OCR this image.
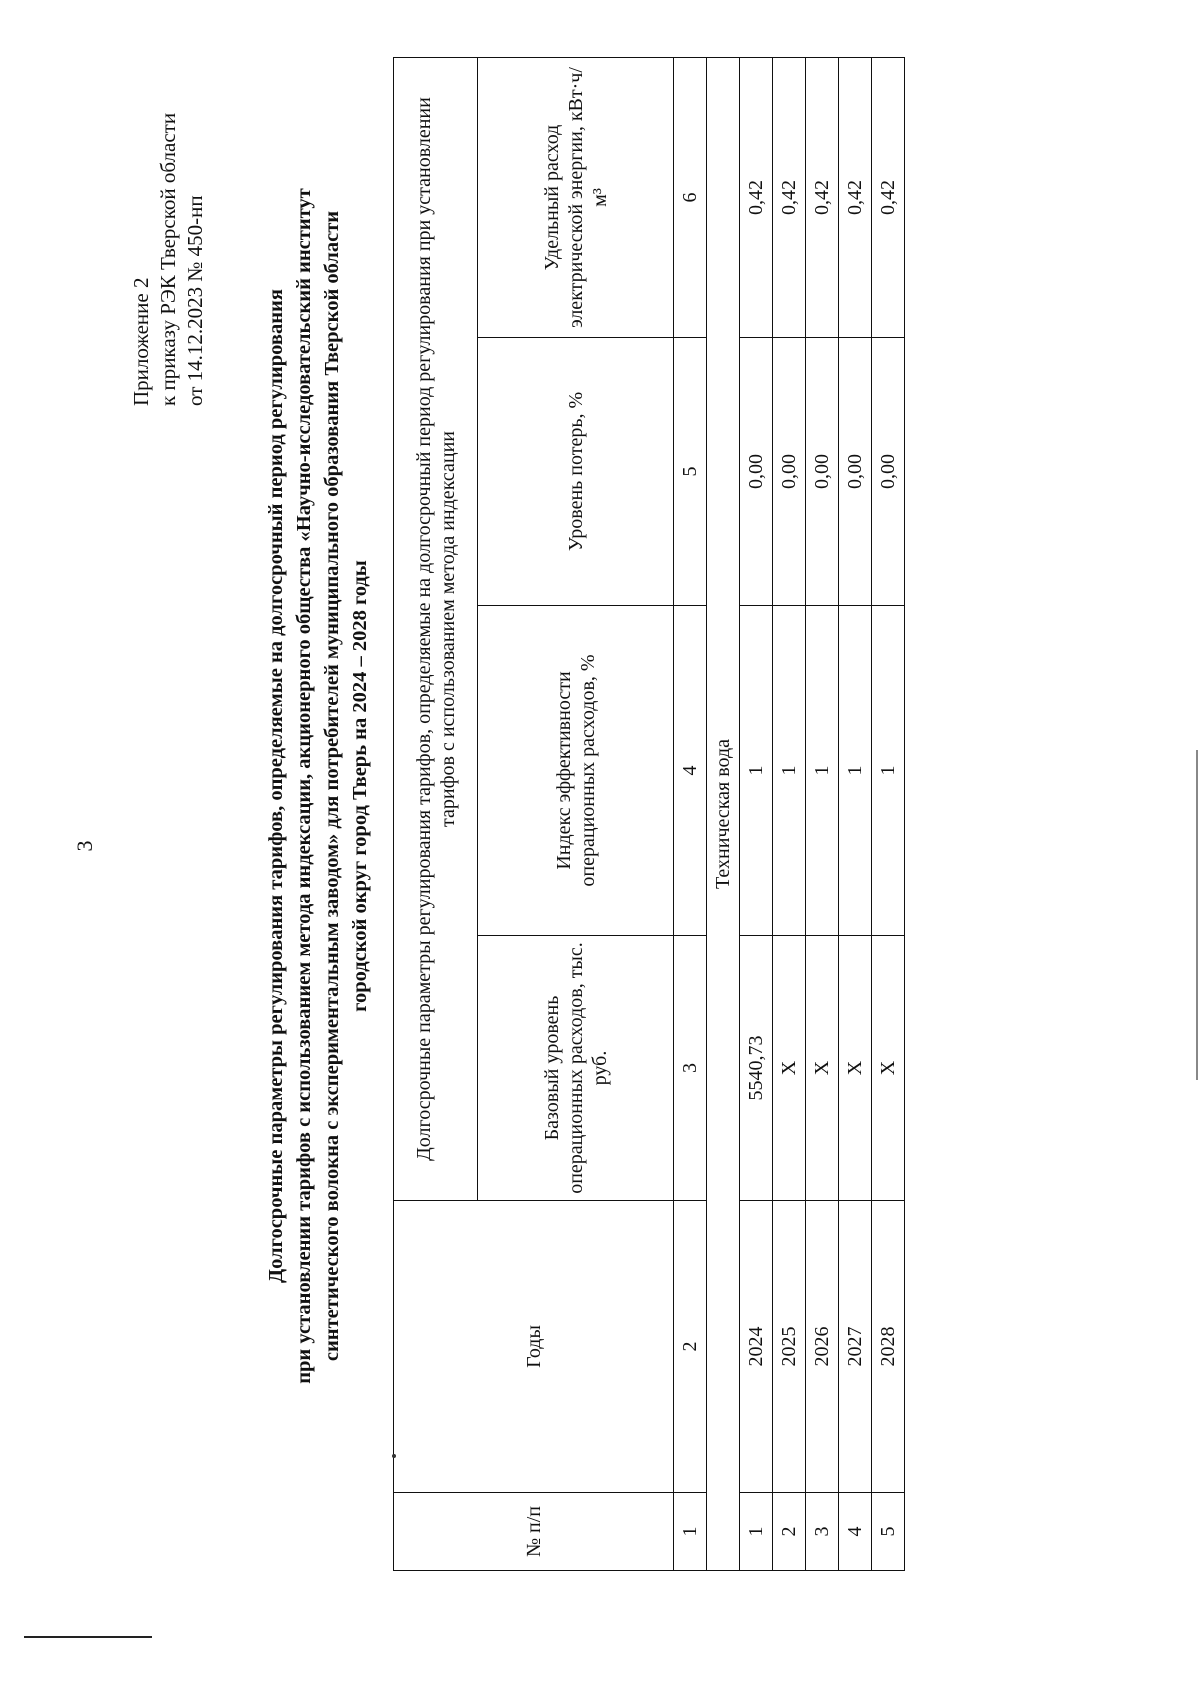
3
Приложение 2 к приказу РЭК Тверской области от 14.12.2023 № 450-нп	Долгосрочные параметры регулирования тарифов, определяемые на долгосрочный период регулирования при установлении тарифов с использованием метода индексации, акционерного общества «Научно-исследовательский институт синтетического волокна с экспериментальным заводом» для потребителей муниципального образования Тверской области городской округ город Тверь на 2024 – 2028 годы
№ п/п	Годы	Долгосрочные параметры регулирования тарифов, определяемые на долгосрочный период регулирования при установлении тарифов с использованием метода индексации			
		Базовый уровень операционных расходов, тыс. руб.	Индекс эффективности операционных расходов, %	Уровень потерь, %	Удельный расход электрической энергии, кВт·ч/м³
1	2	3	4	5	6
Техническая вода					
1	2024	5540,73	1	0,00	0,42
2	2025	X	1	0,00	0,42
3	2026	X	1	0,00	0,42
4	2027	X	1	0,00	0,42
5	2028	X	1	0,00	0,42
